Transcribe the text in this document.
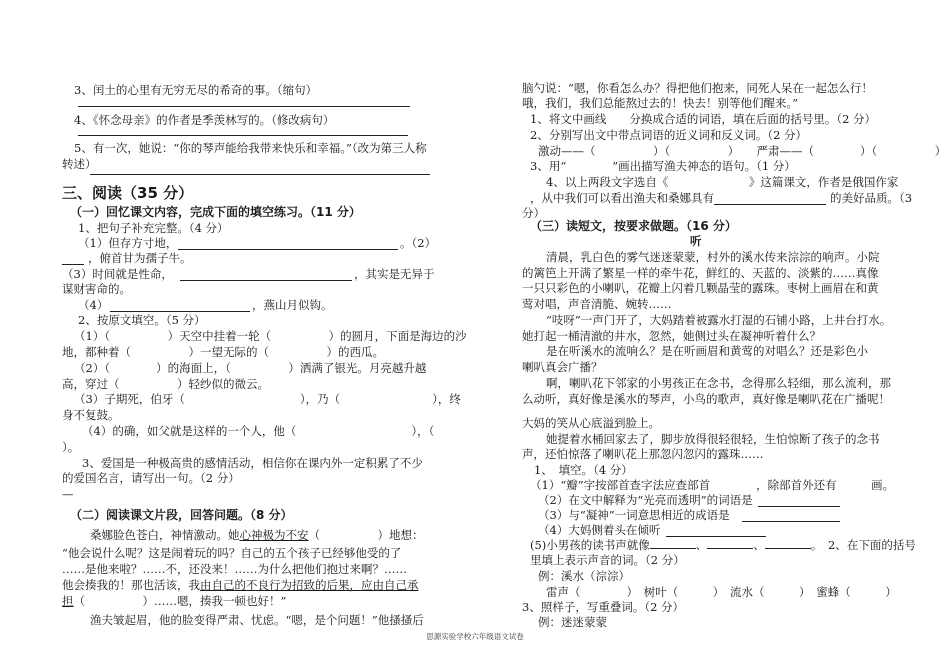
3、闰土的心里有无穷无尽的希奇的事。（缩句）
4、《怀念母亲》的作者是季羡林写的。（修改病句）
5、有一次，她说：“你的琴声能给我带来快乐和幸福。”（改为第三人称
转述）
三、阅读（35 分）
（一）回忆课文内容，完成下面的填空练习。（11 分）
1、把句子补充完整。（4 分）
（1）但存方寸地，	。（2）
，俯首甘为孺子牛。
（3）时间就是性命，	，其实是无异于
谋财害命的。
（4）	，燕山月似钩。
2、按原文填空。（5 分）
（1）（　　　　　）天空中挂着一轮（　　　　　）的圆月，下面是海边的沙
地，都种着（　　　　　）一望无际的（　　　　　）的西瓜。
（2）（　　　　）的海面上，（　　　　　）洒满了银光。月亮越升越
高，穿过（　　　　　）轻纱似的微云。
（3）子期死，伯牙（　　　　　　　　　　），乃（　　　　　　　　），终
身不复鼓。
（4）的确，如父就是这样的一个人，他（　　　　　　　　　　），（
）。
3、爱国是一种极高贵的感情活动，相信你在课内外一定积累了不少
的爱国名言，请写出一句。（2 分）
—
（二）阅读课文片段，回答问题。（8 分）
桑娜脸色苍白，神情激动。她心神极为不安（　　　　　）地想：
“他会说什么呢？这是闹着玩的吗？自己的五个孩子已经够他受的了
……是他来啦？……不，还没来！……为什么把他们抱过来啊？……
他会揍我的！那也活该，我由自己的不良行为招致的后果，应由自己承
担（　　　　　）……嗯，揍我一顿也好！”
渔夫皱起眉，他的脸变得严肃、忧虑。“嗯，是个问题！”他搔搔后
脑勺说：“嗯，你看怎么办？得把他们抱来，同死人呆在一起怎么行！
哦，我们，我们总能熬过去的！快去！别等他们醒来。”
1、将文中画线　　分换成合适的词语，填在后面的括号里。（2 分）
2、分别写出文中带点词语的近义词和反义词。（2 分）
激动——（　　　　　）（　　　　　）　　严肃——（　　　　）（　　　　　）
3、用“　　　　”画出描写渔夫神态的语句。（1 分）
4、以上两段文字选自《　　　　　　　》这篇课文，作者是俄国作家
，从中我们可以看出渔夫和桑娜具有	的美好品质。（3
分）
（三）读短文，按要求做题。（16 分）
听
清晨，乳白色的雾气迷迷蒙蒙，村外的溪水传来淙淙的响声。小院
的篱笆上开满了繁星一样的牵牛花，鲜红的、天蓝的、淡紫的……真像
一只只彩色的小喇叭，花瓣上闪着几颗晶莹的露珠。枣树上画眉在和黄
莺对唱，声音清脆、婉转……
“吱呀”一声门开了，大妈踏着被露水打湿的石铺小路，上井台打水。
她打起一桶清澈的井水，忽然，她侧过头在凝神听着什么？
是在听溪水的流响么？是在听画眉和黄莺的对唱么？还是彩色小
喇叭真会广播？
啊，喇叭花下邻家的小男孩正在念书，念得那么轻细，那么流利，那
么动听，真好像是溪水的琴声，小鸟的歌声，真好像是喇叭花在广播呢！
大妈的笑从心底溢到脸上。
她提着水桶回家去了，脚步放得很轻很轻，生怕惊断了孩子的念书
声，还怕惊落了喇叭花上那忽闪忽闪的露珠……
1、　填空。（4 分）
（1）“瓣”字按部首查字法应查部首　　　　，除部首外还有　　　画。
（2）在文中解释为“光亮而透明”的词语是
（3）与“凝神”一词意思相近的成语是
（4）大妈侧着头在倾听
(5)小男孩的读书声就像	、	、	。　2、在下面的括号
里填上表示声音的词。（2 分）
例：溪水（淙淙）
雷声（　　　　）　树叶（　　　）　流水（　　　）　蜜蜂（　　　）
3、照样子，写重叠词。（2 分）
例：迷迷蒙蒙
思源实验学校六年级语文试卷
